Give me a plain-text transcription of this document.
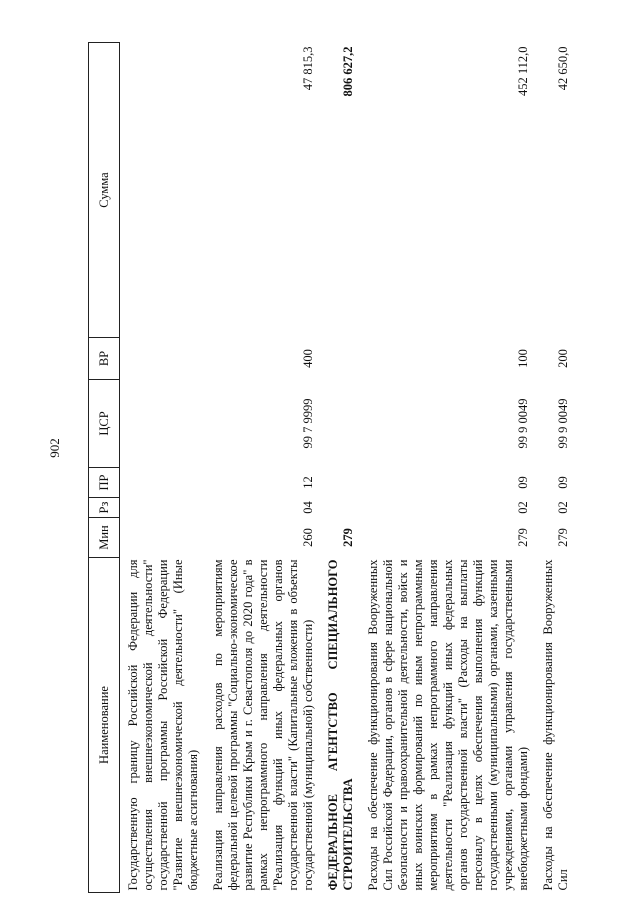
902
Наименование	Мин	Рз	ПР	ЦСР	ВР	Сумма
Государственную границу Российской Федерации для осуществления внешнеэкономической деятельности" государственной программы Российской Федерации "Развитие внешнеэкономической деятельности" (Иные бюджетные ассигнования)						
Реализация направления расходов по мероприятиям федеральной целевой программы "Социально-экономическое развитие Республики Крым и г. Севастополя до 2020 года" в рамках непрограммного направления деятельности "Реализация функций иных федеральных органов государственной власти" (Капитальные вложения в объекты государственной (муниципальной) собственности)	260	04	12	99 7 9999	400	47 815,3
ФЕДЕРАЛЬНОЕ АГЕНТСТВО СПЕЦИАЛЬНОГО СТРОИТЕЛЬСТВА	279					806 627,2
Расходы на обеспечение функционирования Вооруженных Сил Российской Федерации, органов в сфере национальной безопасности и правоохранительной деятельности, войск и иных воинских формирований по иным непрограммным мероприятиям в рамках непрограммного направления деятельности "Реализация функций иных федеральных органов государственной власти" (Расходы на выплаты персоналу в целях обеспечения выполнения функций государственными (муниципальными) органами, казенными учреждениями, органами управления государственными внебюджетными фондами)	279	02	09	99 9 0049	100	452 112,0
Расходы на обеспечение функционирования Вооруженных Сил	279	02	09	99 9 0049	200	42 650,0
